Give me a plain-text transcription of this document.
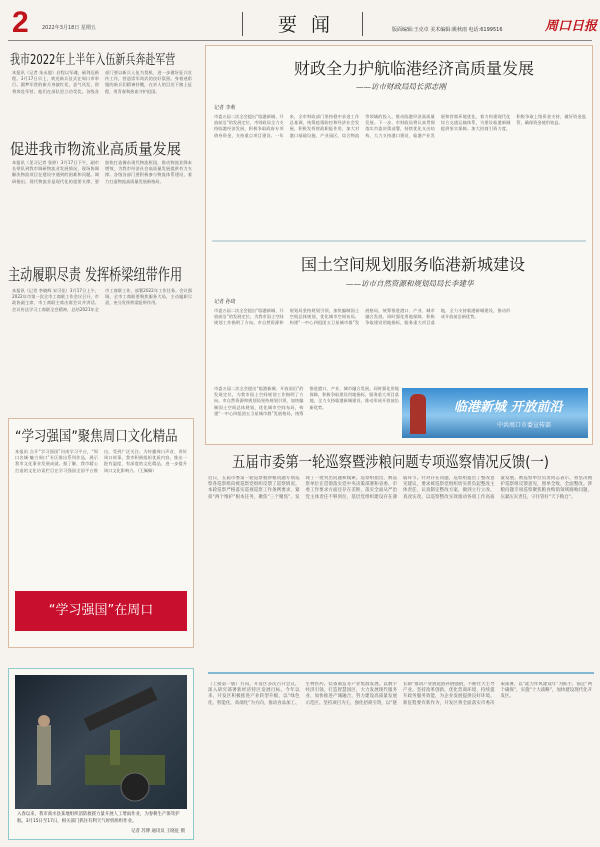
2	2022年3月18日 星期五	要闻	版面编辑:王克卓 美术编辑:姚秋雨 电话:6199516	周口日报
我市2022年上半年入伍新兵奔赴军营
本报讯（记者 朱永超）启程以军魂，砺剑迈新程。3月17日早上，欢送新兵仪式在周口市举行。圆梦军营的新兵身披红花，意气风发，即将奔赴军营。他们在部队里立功受奖。各级各部门要以新兵入伍为契机，进一步做好征兵宣传工作，营造崇军尚武的良好氛围。身着迷彩服的新兵们精神抖擞，在亲人的目送下踏上征程，用青春和热血守护祖国。
促进我市物流业高质量发展
本报讯（见习记者 张婷）3月17日下午，副市长带队到我市调研物流业发展情况，现场协调解决物流项目在建设中遇到的困难和问题。调研指出，现代物流业是现代化的重要支撑，要加快打造豫东现代物流枢纽，推动物流业降本增效，为我市经济社会高质量发展提供有力支撑。各级各部门要积极参与物流体系建设，着力打造物流高质量发展新格局。
主动履职尽责 发挥桥梁纽带作用
本报讯（记者 李晓辉 宋可佳）3月17日上午，2022年市第一次全市工商联工作会议召开，市政协副主席、市工商联主席出席会议并讲话。会议传达学习工商联全会精神，总结2021年全市工商联工作，部署2022年工作任务。会议强调，全市工商联要聚焦服务大局，主动履职尽责，充分发挥桥梁纽带作用。
“学习强国”聚焦周口文化精品
本报讯 点开“学习强国”河南学习平台，“周口名城·魅力周口”专区推出系列作品，展示我市文化事业发展成就。据了解，我市精心打造的文化访谈栏目在学习强国全国平台推出，受到广泛关注。为传播周口声音、讲好周口故事，我市积极组织优质内容，推出一批有温度、有深度的文化精品，进一步提升周口文化影响力。（王佩佩）
“学习强国”在周口
入春以来，我市商水县某地组织消防救援力量开展人工增雨作业，为春耕生产保驾护航。3月15日至17日，相关部门抓住有利天气时机组织作业。
记者 苏傅 通讯员 王晓征 摄
财政全力护航临港经济高质量发展
——访市财政局局长郭志刚
记者 李莉
市委五届二次全会提出“临港新城、开放前沿”的发展定位，市财政局全力支持临港经济发展，积极争取政府专项债券资金，支持重点项目建设。一年来，全市财政部门坚持稳中求进工作总基调，统筹疫情防控和经济社会发展，积极发挥财政职能作用，加大对港口基础设施、产业园区、综合物流等领域的投入，推动临港经济高质量发展。下一步，市财政局将认真贯彻落实市委决策部署，持续优化支出结构，大力支持港口建设、临港产业发展和营商环境优化，着力构建现代化综合交通运输体系，为建设临港新城提供坚实保障。加大招商引资力度，积极争取上级资金支持，做好资金监管，确保资金使用效益。
国土空间规划服务临港新城建设
——访市自然资源和规划局局长李建华
记者 孙琦
市委五届二次全会提出“临港新城、开放前沿”的发展定位，为我市国土空间规划工作指明了方向。市自然资源和规划局坚持规划引领，加快编制国土空间总体规划，优化城市空间布局，构建“一中心四组团五卫星城市群”发展格局，统筹推进港口、产业、城市融合发展。同时强化用地保障，积极争取建设用地指标，服务重大项目落地，全力支持临港新城建设，推动形成开放前沿新优势。
市委五届二次全会提出“临港新城、开放前沿”的发展定位，为我市国土空间规划工作指明了方向。市自然资源和规划局坚持规划引领，加快编制国土空间总体规划，优化城市空间布局，构建“一中心四组团五卫星城市群”发展格局，统筹推进港口、产业、城市融合发展。同时强化用地保障，积极争取建设用地指标，服务重大项目落地，全力支持临港新城建设，推动形成开放前沿新优势。	临港新城 开放前沿
中共周口市委宣传部
五届市委第一轮巡察暨涉粮问题专项巡察情况反馈(一)
近日，五届市委第一轮巡察暨涉粮问题专项巡察各巡察组向被巡察党组织反馈了巡察情况。本轮巡察严格落实巡视巡察工作条例要求，紧扣“两个维护”根本任务，聚焦“三个聚焦”，发现了一批突出问题和线索。巡察组指出，被巡察单位在贯彻落实党中央决策部署和省委、市委工作要求方面还存在差距，落实全面从严治党主体责任不够到位，基层党组织建设存在薄弱环节。针对存在问题，巡察组提出了整改意见建议，要求被巡察党组织切实担负起整改主体责任，认真制定整改方案，做到立行立改、真改实改，以巡察整改实效推动各项工作高质量发展。被巡察单位负责同志表示，将坚决拥护巡察组反馈意见，照单全收，全面整改。涉粮问题专项巡察聚焦粮食购销领域腐败问题，压紧压实责任，守住管好“天下粮仓”。
（上接第一版）方向，开发区多次召开会议，深入研究部署新经济特区发展目标。今年以来，开发区积极推进产业转型升级，以“绿色化、智能化、高端化”为方向，推动食品加工、生物医药、装备制造等产业集群发展。以数字经济引领，打造智慧园区，大力发展现代服务业，加快推进产城融合，努力建设高质量发展示范区。坚持项目为王，强化招商引资，以“链长制”推动产业链延链补链强链，不断壮大主导产业。坚持改革创新，优化营商环境，持续提升政务服务效能，为企业发展提供良好环境。新征程要有新作为，开发区将全面落实市委决策部署，以“能力作风建设年”为抓手，锚定“两个确保”，实施“十大战略”，加快建设现代化开发区。
